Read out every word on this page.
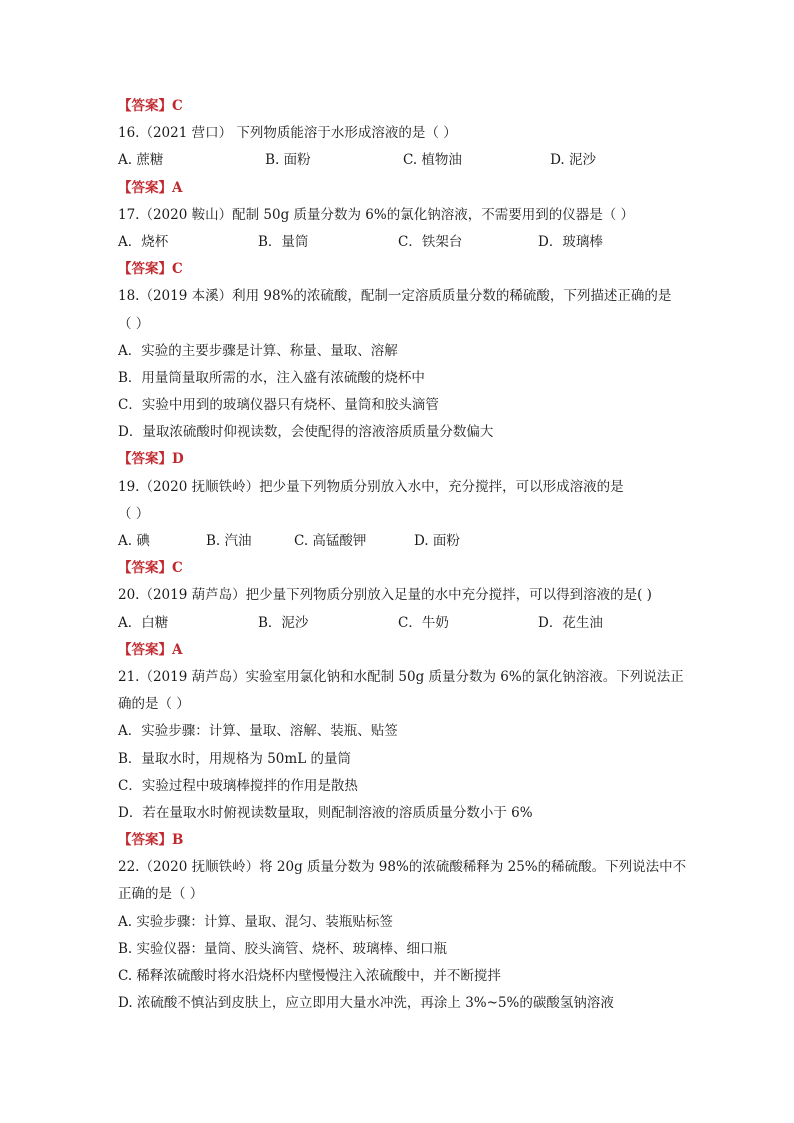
【答案】C
16.（2021 营口） 下列物质能溶于水形成溶液的是（ ）
A. 蔗糖	B. 面粉	C. 植物油	D. 泥沙
【答案】A
17.（2020 鞍山）配制 50g 质量分数为 6%的氯化钠溶液，不需要用到的仪器是（ ）
A．烧杯	B．量筒	C．铁架台	D．玻璃棒
【答案】C
18.（2019 本溪）利用 98%的浓硫酸，配制一定溶质质量分数的稀硫酸，下列描述正确的是
（ ）
A．实验的主要步骤是计算、称量、量取、溶解
B．用量筒量取所需的水，注入盛有浓硫酸的烧杯中
C．实验中用到的玻璃仪器只有烧杯、量筒和胶头滴管
D．量取浓硫酸时仰视读数，会使配得的溶液溶质质量分数偏大
【答案】D
19.（2020 抚顺铁岭）把少量下列物质分别放入水中，充分搅拌，可以形成溶液的是
（ ）
A. 碘	B. 汽油	C. 高锰酸钾	D. 面粉
【答案】C
20.（2019 葫芦岛）把少量下列物质分别放入足量的水中充分搅拌，可以得到溶液的是( )
A．白糖	B．泥沙	C．牛奶	D．花生油
【答案】A
21.（2019 葫芦岛）实验室用氯化钠和水配制 50g 质量分数为 6%的氯化钠溶液。下列说法正
确的是（ ）
A．实验步骤：计算、量取、溶解、装瓶、贴签
B．量取水时，用规格为 50mL 的量筒
C．实验过程中玻璃棒搅拌的作用是散热
D．若在量取水时俯视读数量取，则配制溶液的溶质质量分数小于 6%
【答案】B
22.（2020 抚顺铁岭）将 20g 质量分数为 98%的浓硫酸稀释为 25%的稀硫酸。下列说法中不
正确的是（ ）
A. 实验步骤：计算、量取、混匀、装瓶贴标签
B. 实验仪器：量筒、胶头滴管、烧杯、玻璃棒、细口瓶
C. 稀释浓硫酸时将水沿烧杯内壁慢慢注入浓硫酸中，并不断搅拌
D. 浓硫酸不慎沾到皮肤上，应立即用大量水冲洗，再涂上 3%~5%的碳酸氢钠溶液
